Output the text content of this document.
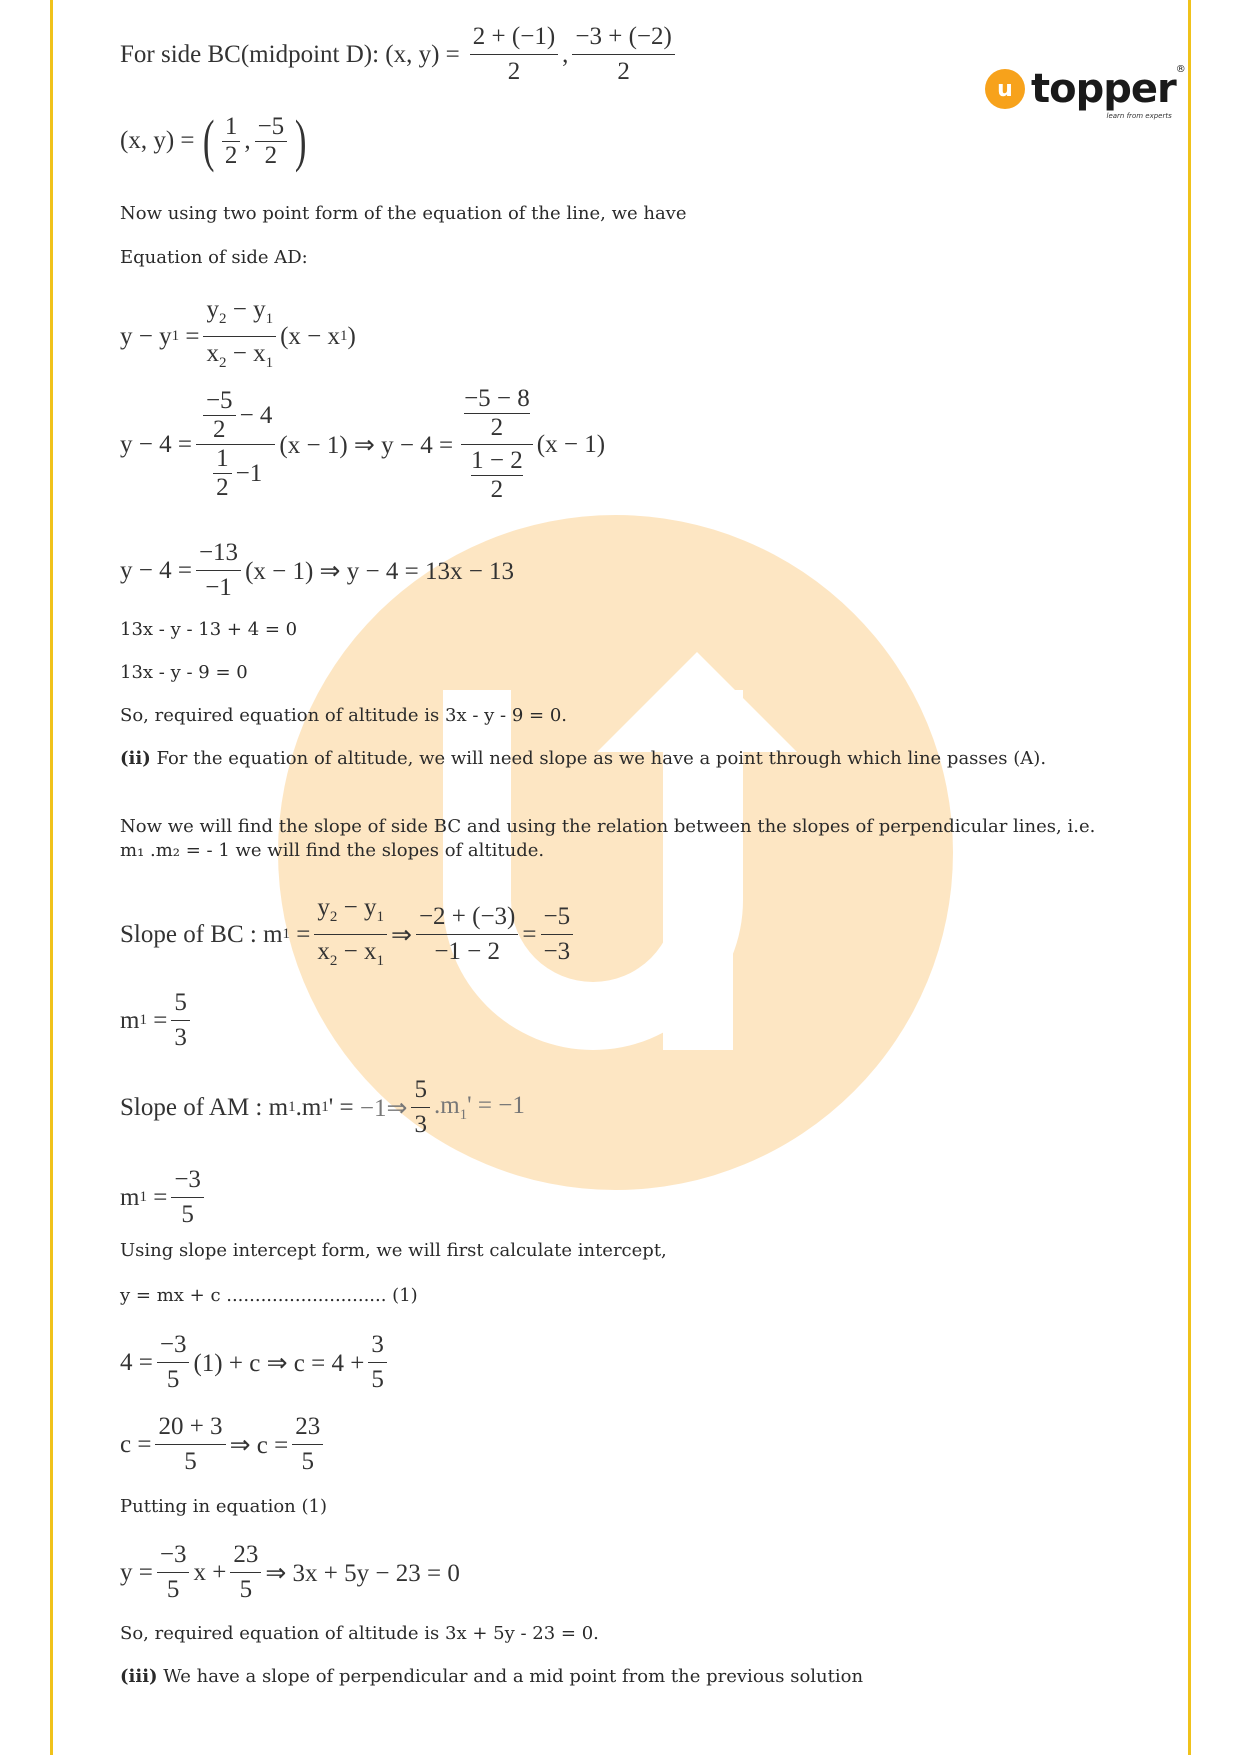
u topper ®
learn from experts
For side BC(midpoint D): (x, $y) = \frac{2 + (-1)}{2}$ , $\frac{-3 + (-2)}{2}$
(x, y) = ( $\frac{1}{2}$ , $\frac{-5}{2}$ )
Now using two point form of the equation of the line, we have
Equation of side AD:
y − y $1 = \frac{y_2 - y_1}{x_2 - x_1} (x - x$ 1 )
$y - 4 = \frac{\frac{-5}{2} - 4}{\frac{1}{2} -1} (x - 1)$ ⇒ $y - 4 = \frac{\frac{-5 - 8}{2}}{\frac{1 - 2}{2}} (x - 1)$
$y - 4 = \frac{-13}{-1} (x - 1)$ ⇒ y − 4 = 13x − 13
13x - y - 13 + 4 = 0
13x - y - 9 = 0
So, required equation of altitude is 3x - y - 9 = 0.
(ii) For the equation of altitude, we will need slope as we have a point through which line passes (A).
Now we will find the slope of side BC and using the relation between the slopes of perpendicular lines, i.e. m₁ .m₂ = - 1 we will find the slopes of altitude.
Slope of BC : m $1 = \frac{y_2 - y_1}{x_2 - x_1}$ ⇒ $\frac{-2 + (-3)}{-1 - 2} = \frac{-5}{-3}$
m $1 = \frac{5}{3}$
Slope of AM : m 1 .m 1 ' = −1⇒ $\frac{5}{3} .m_1' = -1$
m $1 = \frac{-3}{5}$
Using slope intercept form, we will first calculate intercept,
y = mx + c ............................ (1)
$4 = \frac{-3}{5} (1) + c$ ⇒ $c = 4 + \frac{3}{5}$
$c = \frac{20 + 3}{5}$ ⇒ $c = \frac{23}{5}$
Putting in equation (1)
$y = \frac{-3}{5}$ $x + \frac{23}{5}$ ⇒ 3x + 5y − 23 = 0
So, required equation of altitude is 3x + 5y - 23 = 0.
(iii) We have a slope of perpendicular and a mid point from the previous solution
